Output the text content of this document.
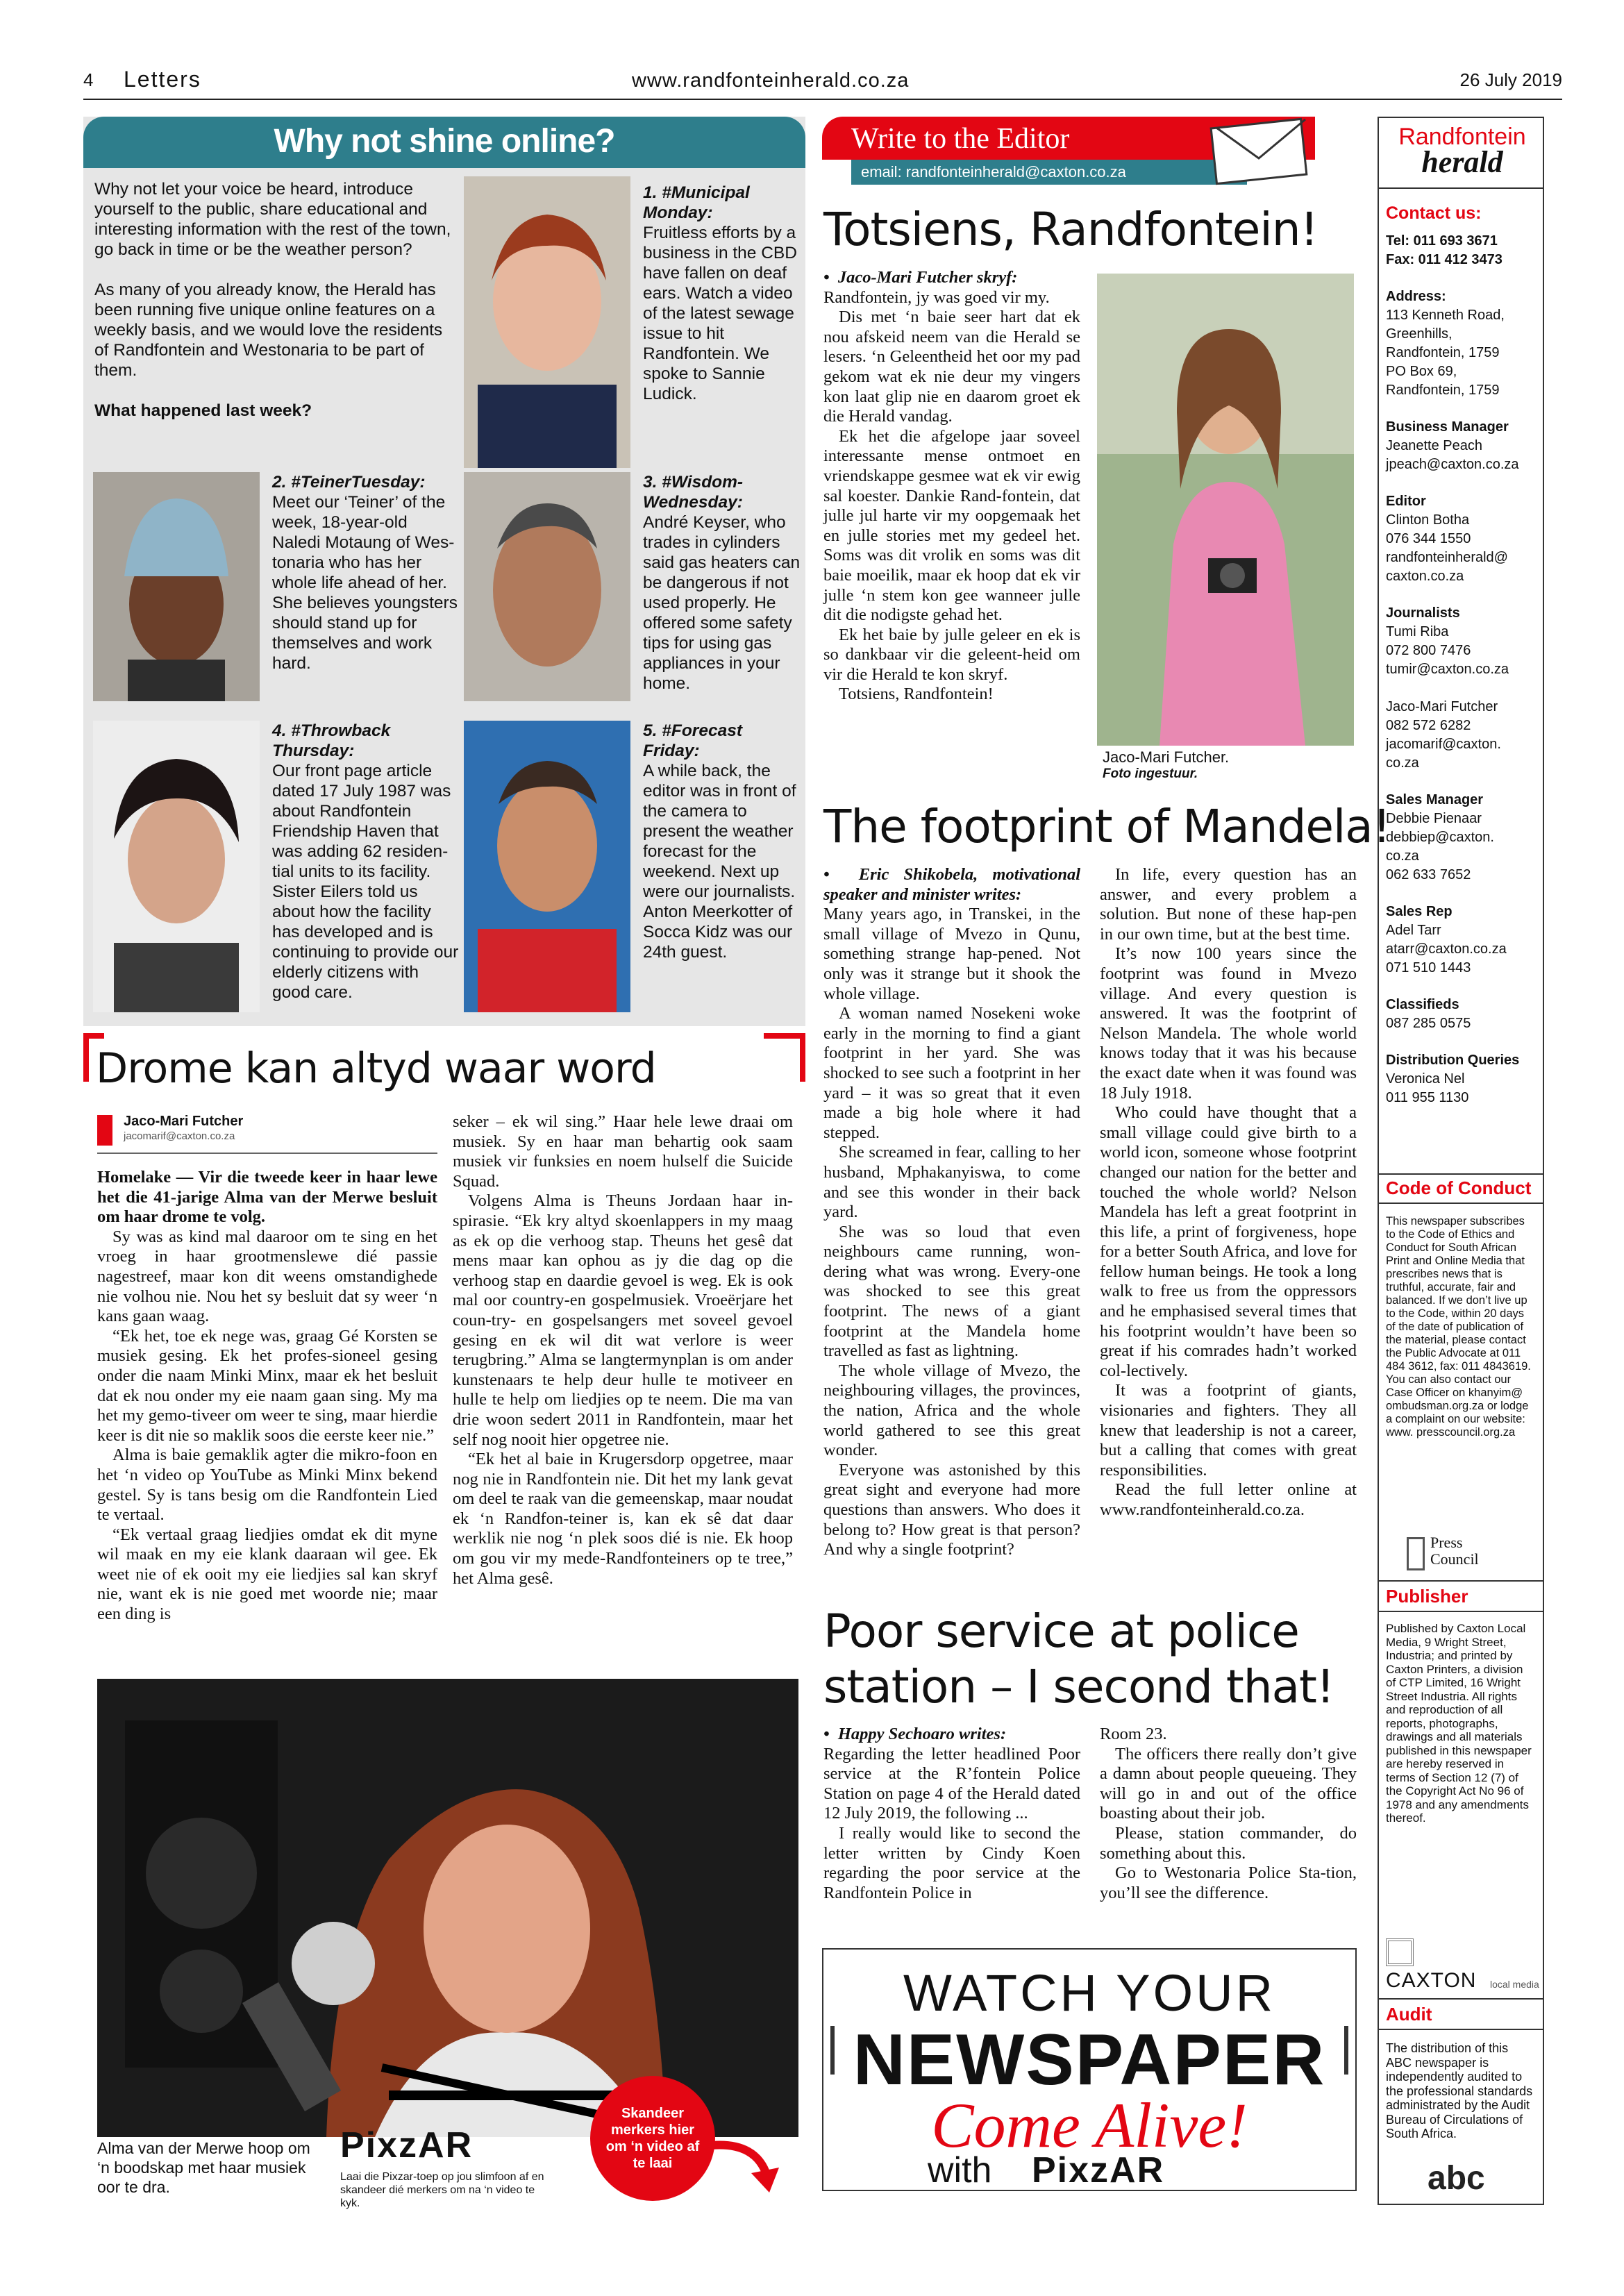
4 Letters	www.randfonteinherald.co.za	26 July 2019
Why not shine online?

Why not let your voice be heard, introduce yourself to the public, share educational and interesting information with the rest of the town, go back in time or be the weather person?

As many of you already know, the Herald has been running five unique online features on a weekly basis, and we would love the residents of Randfontein and Westonaria to be part of them.

What happened last week?

1. #Municipal Monday:
Fruitless efforts by a business in the CBD have fallen on deaf ears. Watch a video of the latest sewage issue to hit Randfontein. We spoke to Sannie Ludick.
2. #TeinerTuesday:
Meet our ‘Teiner’ of the week, 18-year-old Naledi Motaung of Wes-tonaria who has her whole life ahead of her. She believes youngsters should stand up for themselves and work hard.
3. #Wisdom-Wednesday:
André Keyser, who trades in cylinders said gas heaters can be dangerous if not used properly. He offered some safety tips for using gas appliances in your home.
4. #Throwback Thursday:
Our front page article dated 17 July 1987 was about Randfontein Friendship Haven that was adding 62 residen-tial units to its facility. Sister Eilers told us about how the facility has developed and is continuing to provide our elderly citizens with good care.
5. #Forecast Friday:
A while back, the editor was in front of the camera to present the weather forecast for the weekend. Next up were our journalists. Anton Meerkotter of Socca Kidz was our 24th guest.
Drome kan altyd waar word
Jaco-Mari Futcher
jacomarif@caxton.co.za

Homelake — Vir die tweede keer in haar lewe het die 41-jarige Alma van der Merwe besluit om haar drome te volg.

Sy was as kind mal daaroor om te sing en het vroeg in haar grootmenslewe dié passie nagestreef, maar kon dit weens omstandighede nie volhou nie. Nou het sy besluit dat sy weer ‘n kans gaan waag.

“Ek het, toe ek nege was, graag Gé Korsten se musiek gesing. Ek het profes-sioneel gesing onder die naam Minki Minx, maar ek het besluit dat ek nou onder my eie naam gaan sing. My ma het my gemo-tiveer om weer te sing, maar hierdie keer is dit nie so maklik soos die eerste keer nie.”

Alma is baie gemaklik agter die mikro-foon en het ‘n video op YouTube as Minki Minx bekend gestel. Sy is tans besig om die Randfontein Lied te vertaal.

“Ek vertaal graag liedjies omdat ek dit myne wil maak en my eie klank daaraan wil gee. Ek weet nie of ek ooit my eie liedjies sal kan skryf nie, want ek is nie goed met woorde nie; maar een ding is

seker – ek wil sing.” Haar hele lewe draai om musiek. Sy en haar man behartig ook saam musiek vir funksies en noem hulself die Suicide Squad.

Volgens Alma is Theuns Jordaan haar in-spirasie. “Ek kry altyd skoenlappers in my maag as ek op die verhoog stap. Theuns het gesê dat mens maar kan ophou as jy die dag op die verhoog stap en daardie gevoel is weg. Ek is ook mal oor country-en gospelmusiek. Vroeërjare het coun-try- en gospelsangers met soveel gevoel gesing en ek wil dit wat verlore is weer terugbring.” Alma se langtermynplan is om ander kunstenaars te help deur hulle te motiveer en hulle te help om liedjies op te neem. Die ma van drie woon sedert 2011 in Randfontein, maar het self nog nooit hier opgetree nie.

“Ek het al baie in Krugersdorp opgetree, maar nog nie in Randfontein nie. Dit het my lank gevat om deel te raak van die gemeenskap, maar noudat ek ‘n Randfon-teiner is, kan ek sê dat daar werklik nie nog ‘n plek soos dié is nie. Ek hoop om gou vir my mede-Randfonteiners op te tree,” het Alma gesê.

Alma van der Merwe hoop om ‘n boodskap met haar musiek oor te dra.
PixzAR
Laai die Pixzar-toep op jou slimfoon af en skandeer dié merkers om na ‘n video te kyk.
Skandeer merkers hier om ‘n video af te laai
Write to the Editor
email: randfonteinherald@caxton.co.za
Totsiens, Randfontein!

•  Jaco-Mari Futcher skryf:

Randfontein, jy was goed vir my.

Dis met ‘n baie seer hart dat ek nou afskeid neem van die Herald se lesers. ‘n Geleentheid het oor my pad gekom wat ek nie deur my vingers kon laat glip nie en daarom groet ek die Herald vandag.

Ek het die afgelope jaar soveel interessante mense ontmoet en vriendskappe gesmee wat ek vir ewig sal koester. Dankie Rand-fontein, dat julle jul harte vir my oopgemaak het en julle stories met my gedeel het. Soms was dit vrolik en soms was dit baie moeilik, maar ek hoop dat ek vir julle ‘n stem kon gee wanneer julle dit die nodigste gehad het.

Ek het baie by julle geleer en ek is so dankbaar vir die geleent-heid om vir die Herald te kon skryf.

Totsiens, Randfontein!

Jaco-Mari Futcher.
Foto ingestuur.
The footprint of Mandela!

•  Eric Shikobela, motivational speaker and minister writes:

Many years ago, in Transkei, in the small village of Mvezo in Qunu, something strange hap-pened. Not only was it strange but it shook the whole village.

A woman named Nosekeni woke early in the morning to find a giant footprint in her yard. She was shocked to see such a footprint in her yard – it was so great that it even made a big hole where it had stepped.

She screamed in fear, calling to her husband, Mphakanyiswa, to come and see this wonder in their back yard.

She was so loud that even neighbours came running, won-dering what was wrong. Every-one was shocked to see this great footprint. The news of a giant footprint at the Mandela home travelled as fast as lightning.

The whole village of Mvezo, the neighbouring villages, the provinces, the nation, Africa and the whole world gathered to see this great wonder.

Everyone was astonished by this great sight and everyone had more questions than answers. Who does it belong to? How great is that person? And why a single footprint?

In life, every question has an answer, and every problem a solution. But none of these hap-pen in our own time, but at the best time.

It’s now 100 years since the footprint was found in Mvezo village. And every question is answered. It was the footprint of Nelson Mandela. The whole world knows today that it was his because the exact date when it was found was 18 July 1918.

Who could have thought that a small village could give birth to a world icon, someone whose footprint changed our nation for the better and touched the whole world? Nelson Mandela has left a great footprint in this life, a print of forgiveness, hope for a better South Africa, and love for fellow human beings. He took a long walk to free us from the oppressors and he emphasised several times that his footprint wouldn’t have been so great if his comrades hadn’t worked col-lectively.

It was a footprint of giants, visionaries and fighters. They all knew that leadership is not a career, but a calling that comes with great responsibilities.

Read the full letter online at www.randfonteinherald.co.za.

Poor service at police
station – I second that!

•  Happy Sechoaro writes:

Regarding the letter headlined Poor service at the R’fontein Police Station on page 4 of the Herald dated 12 July 2019, the following ...

I really would like to second the letter written by Cindy Koen regarding the poor service at the Randfontein Police in

Room 23.

The officers there really don’t give a damn about people queueing. They will go in and out of the office boasting about their job.

Please, station commander, do something about this.

Go to Westonaria Police Sta-tion, you’ll see the difference.

WATCH YOUR
NEWSPAPER
Come Alive!
with PixzAR
Randfontein
herald
Contact us:
Tel: 011 693 3671
Fax: 011 412 3473
Address:
113 Kenneth Road,
Greenhills,
Randfontein, 1759
PO Box 69,
Randfontein, 1759
Business Manager
Jeanette Peach
jpeach@caxton.co.za
Editor
Clinton Botha
076 344 1550
randfonteinherald@
caxton.co.za
Journalists
Tumi Riba
072 800 7476
tumir@caxton.co.za
Jaco-Mari Futcher
082 572 6282
jacomarif@caxton.
co.za
Sales Manager
Debbie Pienaar
debbiep@caxton.
co.za
062 633 7652
Sales Rep
Adel Tarr
atarr@caxton.co.za
071 510 1443
Classifieds
087 285 0575
Distribution Queries
Veronica Nel
011 955 1130
Code of Conduct
This newspaper subscribes to the Code of Ethics and Conduct for South African Print and Online Media that prescribes news that is truthful, accurate, fair and balanced. If we don’t live up to the Code, within 20 days of the date of publication of the material, please contact the Public Advocate at 011 484 3612, fax: 011 4843619. You can also contact our Case Officer on khanyim@ ombudsman.org.za or lodge a complaint on our website: www. presscouncil.org.za
Press
Council
Publisher
Published by Caxton Local Media, 9 Wright Street, Industria; and printed by Caxton Printers, a division of CTP Limited, 16 Wright Street Industria. All rights and reproduction of all reports, photographs, drawings and all materials published in this newspaper are hereby reserved in terms of Section 12 (7) of the Copyright Act No 96 of 1978 and any amendments thereof.
CAXTON local media
Audit
The distribution of this ABC newspaper is independently audited to the professional standards administrated by the Audit Bureau of Circulations of South Africa.
abc
